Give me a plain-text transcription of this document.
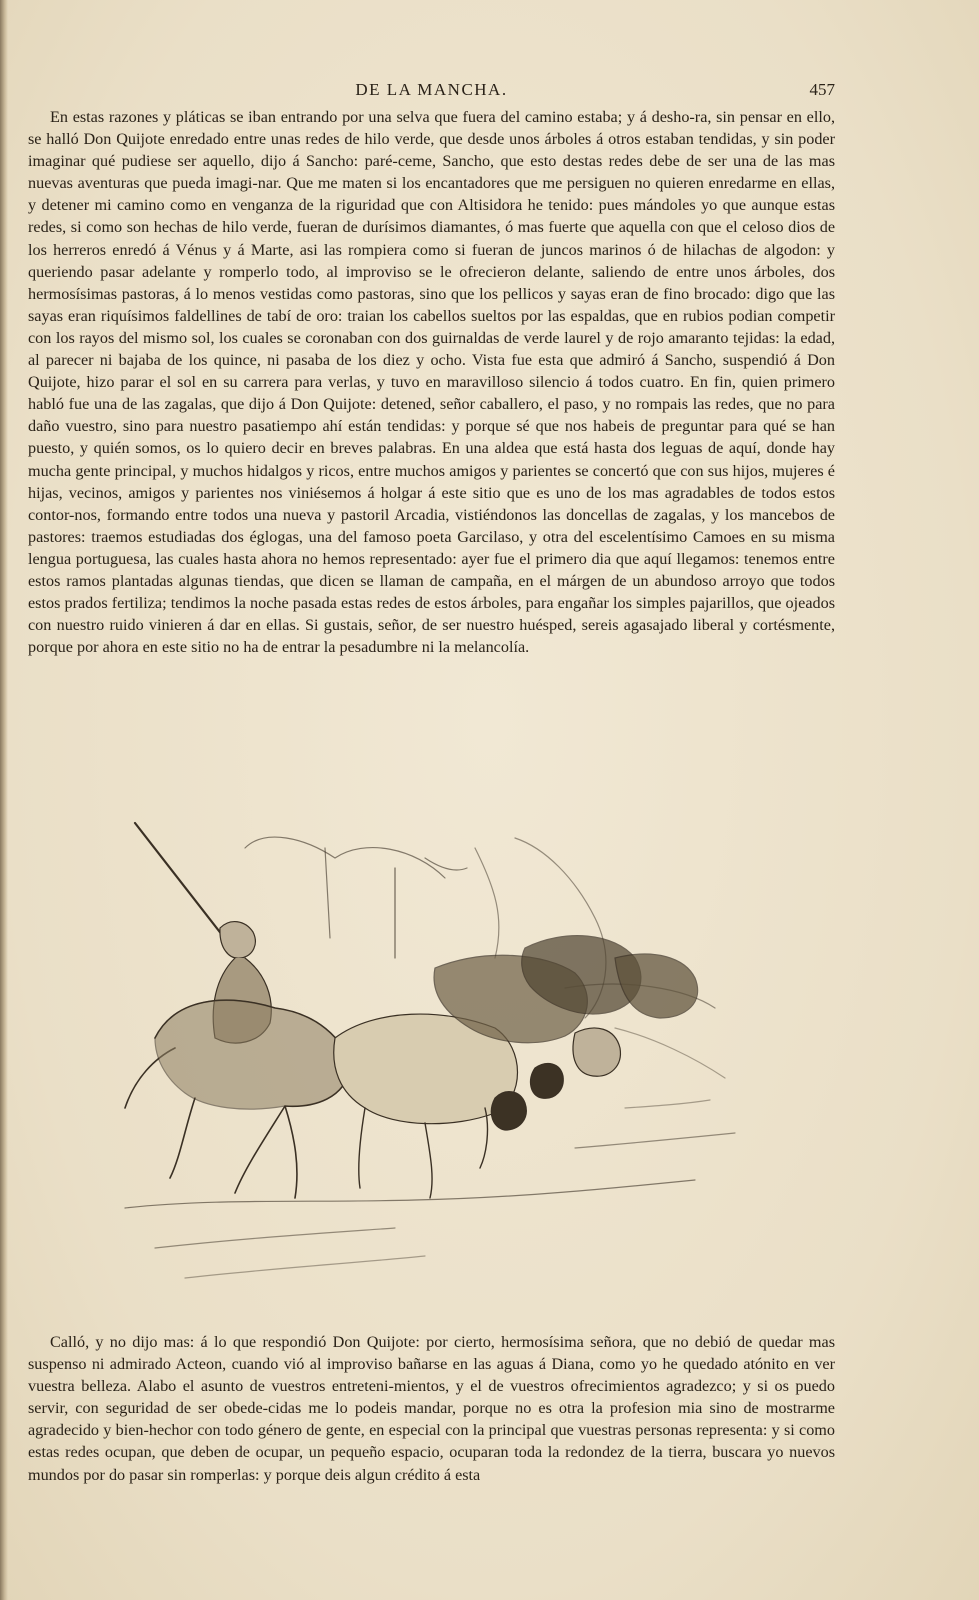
DE LA MANCHA.	457

En estas razones y pláticas se iban entrando por una selva que fuera del camino estaba; y á desho-ra, sin pensar en ello, se halló Don Quijote enredado entre unas redes de hilo verde, que desde unos árboles á otros estaban tendidas, y sin poder imaginar qué pudiese ser aquello, dijo á Sancho: paré-ceme, Sancho, que esto destas redes debe de ser una de las mas nuevas aventuras que pueda imagi-nar. Que me maten si los encantadores que me persiguen no quieren enredarme en ellas, y detener mi camino como en venganza de la riguridad que con Altisidora he tenido: pues mándoles yo que aunque estas redes, si como son hechas de hilo verde, fueran de durísimos diamantes, ó mas fuerte que aquella con que el celoso dios de los herreros enredó á Vénus y á Marte, asi las rompiera como si fueran de juncos marinos ó de hilachas de algodon: y queriendo pasar adelante y romperlo todo, al improviso se le ofrecieron delante, saliendo de entre unos árboles, dos hermosísimas pastoras, á lo menos vestidas como pastoras, sino que los pellicos y sayas eran de fino brocado: digo que las sayas eran riquísimos faldellines de tabí de oro: traian los cabellos sueltos por las espaldas, que en rubios podian competir con los rayos del mismo sol, los cuales se coronaban con dos guirnaldas de verde laurel y de rojo amaranto tejidas: la edad, al parecer ni bajaba de los quince, ni pasaba de los diez y ocho. Vista fue esta que admiró á Sancho, suspendió á Don Quijote, hizo parar el sol en su carrera para verlas, y tuvo en maravilloso silencio á todos cuatro. En fin, quien primero habló fue una de las zagalas, que dijo á Don Quijote: detened, señor caballero, el paso, y no rompais las redes, que no para daño vuestro, sino para nuestro pasatiempo ahí están tendidas: y porque sé que nos habeis de preguntar para qué se han puesto, y quién somos, os lo quiero decir en breves palabras. En una aldea que está hasta dos leguas de aquí, donde hay mucha gente principal, y muchos hidalgos y ricos, entre muchos amigos y parientes se concertó que con sus hijos, mujeres é hijas, vecinos, amigos y parientes nos viniésemos á holgar á este sitio que es uno de los mas agradables de todos estos contor-nos, formando entre todos una nueva y pastoril Arcadia, vistiéndonos las doncellas de zagalas, y los mancebos de pastores: traemos estudiadas dos églogas, una del famoso poeta Garcilaso, y otra del escelentísimo Camoes en su misma lengua portuguesa, las cuales hasta ahora no hemos representado: ayer fue el primero dia que aquí llegamos: tenemos entre estos ramos plantadas algunas tiendas, que dicen se llaman de campaña, en el márgen de un abundoso arroyo que todos estos prados fertiliza; tendimos la noche pasada estas redes de estos árboles, para engañar los simples pajarillos, que ojeados con nuestro ruido vinieren á dar en ellas. Si gustais, señor, de ser nuestro huésped, sereis agasajado liberal y cortésmente, porque por ahora en este sitio no ha de entrar la pesadumbre ni la melancolía.

Calló, y no dijo mas: á lo que respondió Don Quijote: por cierto, hermosísima señora, que no debió de quedar mas suspenso ni admirado Acteon, cuando vió al improviso bañarse en las aguas á Diana, como yo he quedado atónito en ver vuestra belleza. Alabo el asunto de vuestros entreteni-mientos, y el de vuestros ofrecimientos agradezco; y si os puedo servir, con seguridad de ser obede-cidas me lo podeis mandar, porque no es otra la profesion mia sino de mostrarme agradecido y bien-hechor con todo género de gente, en especial con la principal que vuestras personas representa: y si como estas redes ocupan, que deben de ocupar, un pequeño espacio, ocuparan toda la redondez de la tierra, buscara yo nuevos mundos por do pasar sin romperlas: y porque deis algun crédito á esta
